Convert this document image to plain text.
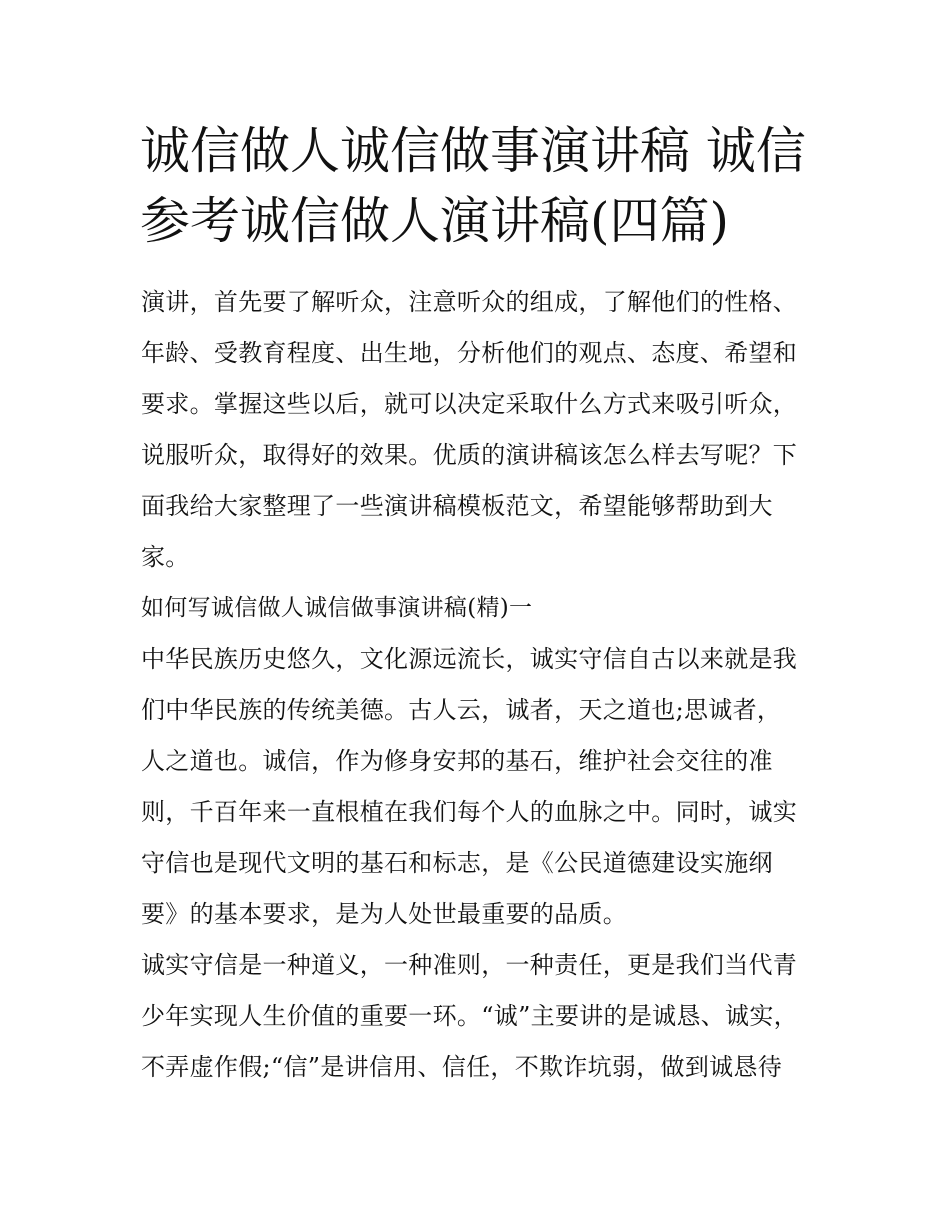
诚信做人诚信做事演讲稿 诚信
参考诚信做人演讲稿(四篇)
演讲，首先要了解听众，注意听众的组成，了解他们的性格、
年龄、受教育程度、出生地，分析他们的观点、态度、希望和
要求。掌握这些以后，就可以决定采取什么方式来吸引听众，
说服听众，取得好的效果。优质的演讲稿该怎么样去写呢？下
面我给大家整理了一些演讲稿模板范文，希望能够帮助到大
家。
如何写诚信做人诚信做事演讲稿(精)一
中华民族历史悠久，文化源远流长，诚实守信自古以来就是我
们中华民族的传统美德。古人云，诚者，天之道也;思诚者，
人之道也。诚信，作为修身安邦的基石，维护社会交往的准
则，千百年来一直根植在我们每个人的血脉之中。同时，诚实
守信也是现代文明的基石和标志，是《公民道德建设实施纲
要》的基本要求，是为人处世最重要的品质。
诚实守信是一种道义，一种准则，一种责任，更是我们当代青
少年实现人生价值的重要一环。“诚”主要讲的是诚恳、诚实，
不弄虚作假;“信”是讲信用、信任，不欺诈坑弱，做到诚恳待
